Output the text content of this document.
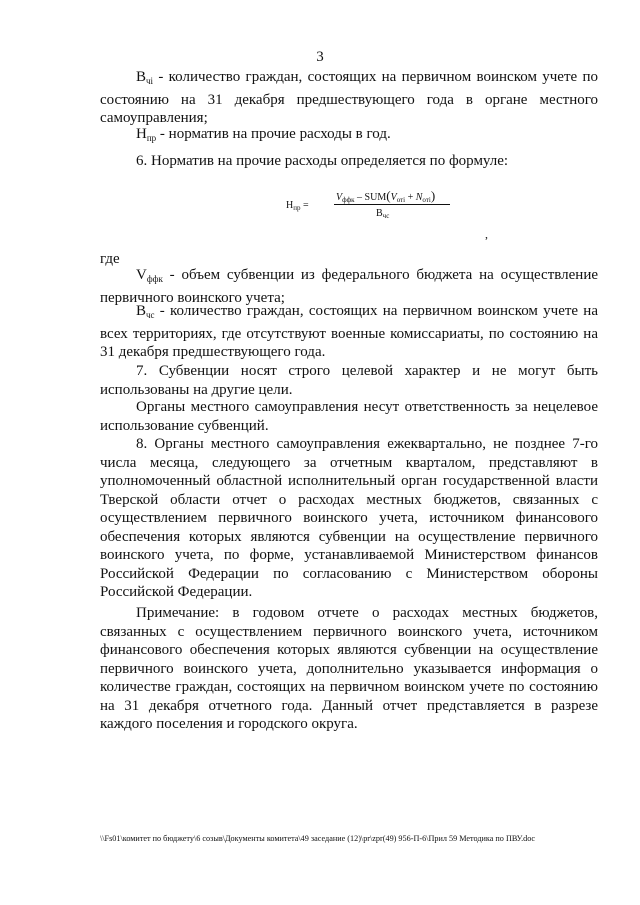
3

$В_{чi}$ - количество граждан, состоящих на первичном воинском учете по состоянию на 31 декабря предшествующего года в органе местного самоуправления;

$Н_{пр}$ - норматив на прочие расходы в год.

6. Норматив на прочие расходы определяется по формуле:

$Н_{пр}$ =
$V_{ффк} - SUM(V_{отi} + N_{отi})$
$В_{чс}$
,

где

$V_{ффк}$ - объем субвенции из федерального бюджета на осуществление первичного воинского учета;

$В_{чс}$ - количество граждан, состоящих на первичном воинском учете на всех территориях, где отсутствуют военные комиссариаты, по состоянию на 31 декабря предшествующего года.

7. Субвенции носят строго целевой характер и не могут быть использованы на другие цели.

Органы местного самоуправления несут ответственность за нецелевое использование субвенций.

8. Органы местного самоуправления ежеквартально, не позднее 7-го числа месяца, следующего за отчетным кварталом, представляют в уполномоченный областной исполнительный орган государственной власти Тверской области отчет о расходах местных бюджетов, связанных с осуществлением первичного воинского учета, источником финансового обеспечения которых являются субвенции на осуществление первичного воинского учета, по форме, устанавливаемой Министерством финансов Российской Федерации по согласованию с Министерством обороны Российской Федерации.

Примечание: в годовом отчете о расходах местных бюджетов, связанных с осуществлением первичного воинского учета, источником финансового обеспечения которых являются субвенции на осуществление первичного воинского учета, дополнительно указывается информация о количестве граждан, состоящих на первичном воинском учете по состоянию на 31 декабря отчетного года. Данный отчет представляется в разрезе каждого поселения и городского округа.

\\Fs01\комитет по бюджету\6 созыв\Документы комитета\49 заседание (12)\pr\zpr(49) 956-П-6\Прил 59 Методика по ПВУ.doc
